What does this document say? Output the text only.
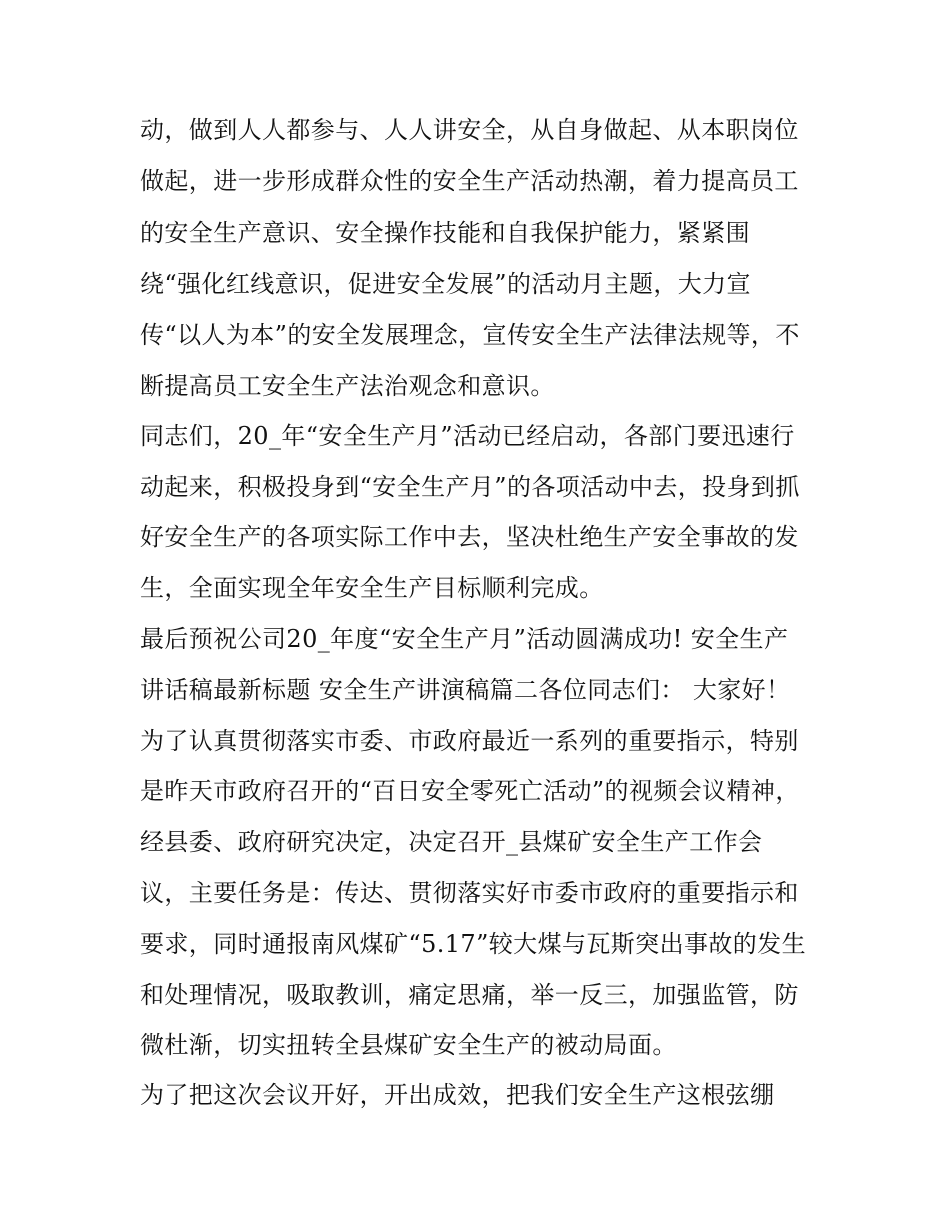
动，做到人人都参与、人人讲安全，从自身做起、从本职岗位
做起，进一步形成群众性的安全生产活动热潮，着力提高员工
的安全生产意识、安全操作技能和自我保护能力，紧紧围
绕“强化红线意识，促进安全发展”的活动月主题，大力宣
传“以人为本”的安全发展理念，宣传安全生产法律法规等，不
断提高员工安全生产法治观念和意识。
同志们，20_年“安全生产月”活动已经启动，各部门要迅速行
动起来，积极投身到“安全生产月”的各项活动中去，投身到抓
好安全生产的各项实际工作中去，坚决杜绝生产安全事故的发
生，全面实现全年安全生产目标顺利完成。
最后预祝公司20_年度“安全生产月”活动圆满成功! 安全生产
讲话稿最新标题 安全生产讲演稿篇二各位同志们： 大家好！
为了认真贯彻落实市委、市政府最近一系列的重要指示，特别
是昨天市政府召开的“百日安全零死亡活动”的视频会议精神，
经县委、政府研究决定，决定召开_县煤矿安全生产工作会
议，主要任务是：传达、贯彻落实好市委市政府的重要指示和
要求，同时通报南风煤矿“5.17”较大煤与瓦斯突出事故的发生
和处理情况，吸取教训，痛定思痛，举一反三，加强监管，防
微杜渐，切实扭转全县煤矿安全生产的被动局面。
为了把这次会议开好，开出成效，把我们安全生产这根弦绷
